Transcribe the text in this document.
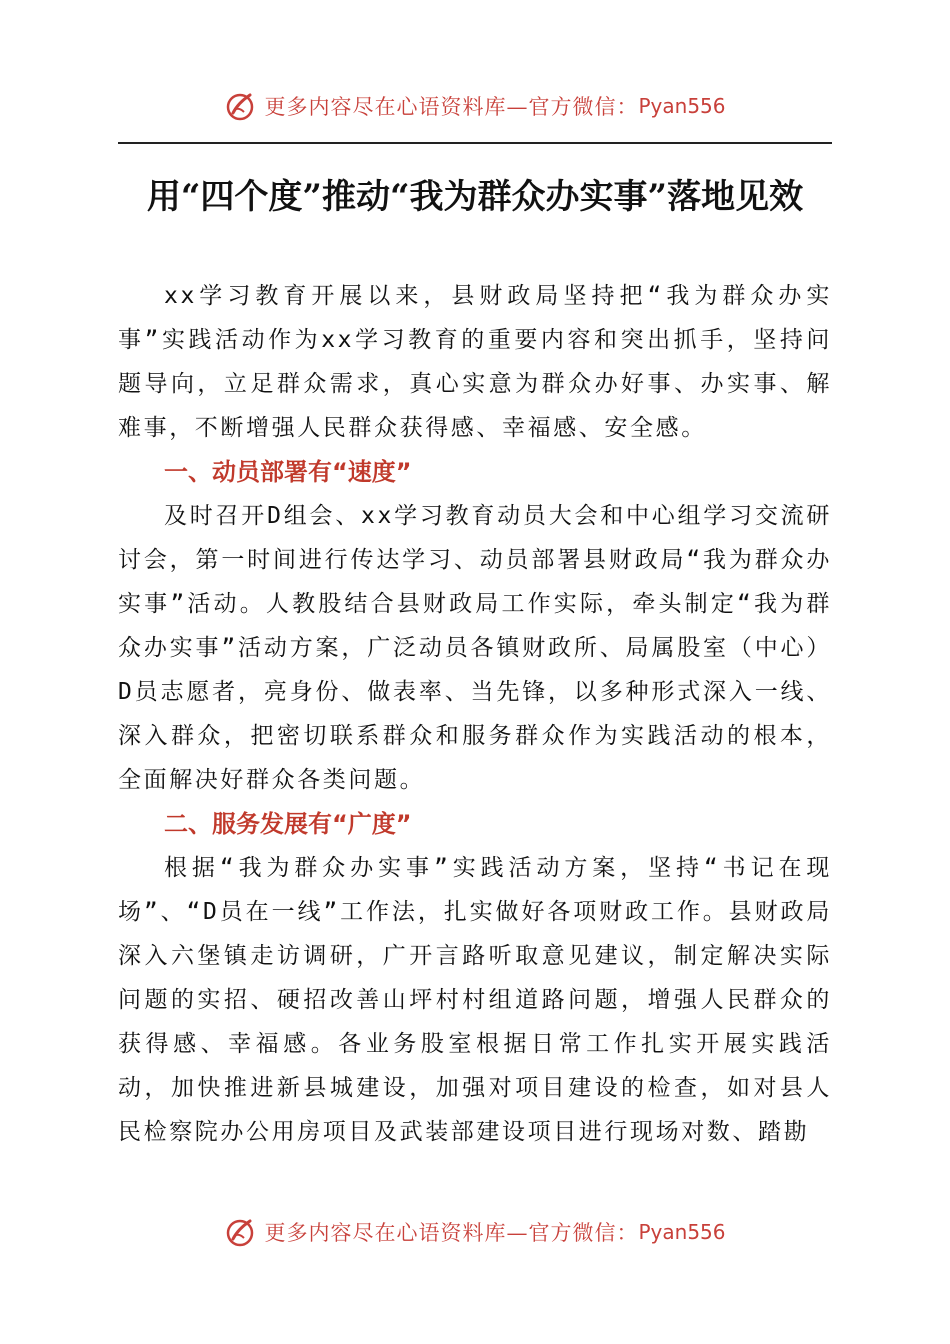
更多内容尽在心语资料库—官方微信： Pyan556
用“四个度”推动“我为群众办实事”落地见效

xx学习教育开展以来，县财政局坚持把“我为群众办实事”实践活动作为xx学习教育的重要内容和突出抓手，坚持问题导向，立足群众需求，真心实意为群众办好事、办实事、解难事，不断增强人民群众获得感、幸福感、安全感。

一、动员部署有“速度”

及时召开D组会、xx学习教育动员大会和中心组学习交流研讨会，第一时间进行传达学习、动员部署县财政局“我为群众办实事”活动。人教股结合县财政局工作实际，牵头制定“我为群众办实事”活动方案，广泛动员各镇财政所、局属股室（中心）D员志愿者，亮身份、做表率、当先锋，以多种形式深入一线、深入群众，把密切联系群众和服务群众作为实践活动的根本，全面解决好群众各类问题。

二、服务发展有“广度”

根据“我为群众办实事”实践活动方案，坚持“书记在现场”、“D员在一线”工作法，扎实做好各项财政工作。县财政局深入六堡镇走访调研，广开言路听取意见建议，制定解决实际问题的实招、硬招改善山坪村村组道路问题，增强人民群众的获得感、幸福感。各业务股室根据日常工作扎实开展实践活动，加快推进新县城建设，加强对项目建设的检查，如对县人民检察院办公用房项目及武装部建设项目进行现场对数、踏勘

更多内容尽在心语资料库—官方微信： Pyan556
